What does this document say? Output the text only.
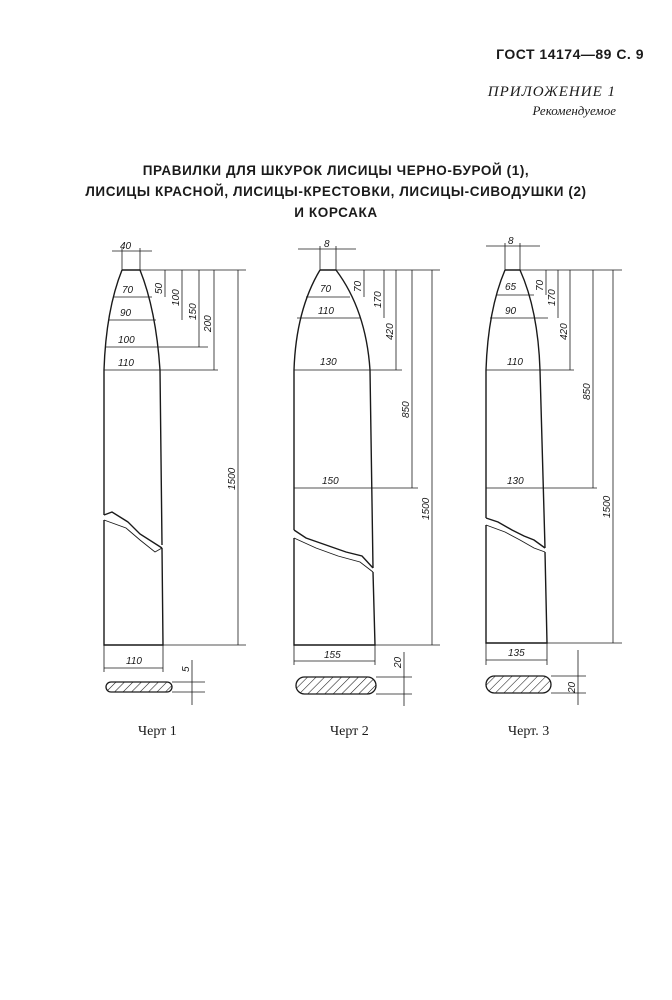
ГОСТ 14174—89 С. 9
ПРИЛОЖЕНИЕ 1
Рекомендуемое
ПРАВИЛКИ ДЛЯ ШКУРОК ЛИСИЦЫ ЧЕРНО-БУРОЙ (1),
ЛИСИЦЫ КРАСНОЙ, ЛИСИЦЫ-КРЕСТОВКИ, ЛИСИЦЫ-СИВОДУШКИ (2)
И КОРСАКА
40
70
90
100
110
110
50
100
150
200
1500
5
Черт 1
8
70
110
130
150
155
70
170
420
850
1500
20
Черт 2
8
65
90
110
130
135
70
170
420
850
1500
20
Черт. 3
